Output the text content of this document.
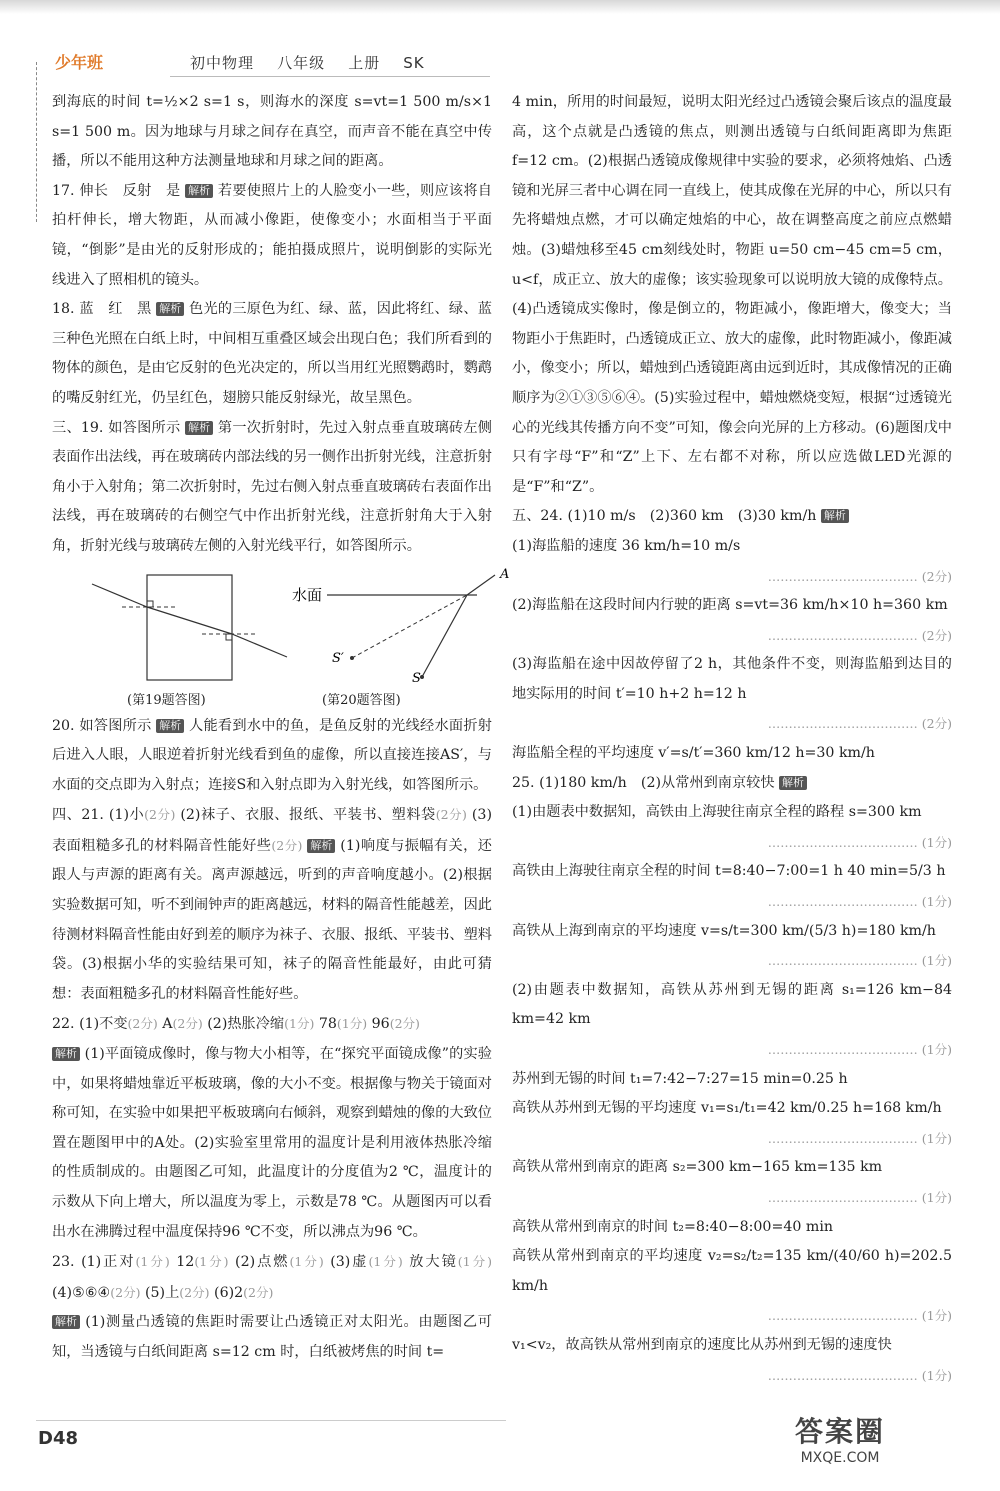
少年班	初中物理 八年级 上册 SK

到海底的时间 t=½×2 s=1 s，则海水的深度 s=vt=1 500 m/s×1 s=1 500 m。因为地球与月球之间存在真空，而声音不能在真空中传播，所以不能用这种方法测量地球和月球之间的距离。

17. 伸长　反射　是 解析 若要使照片上的人脸变小一些，则应该将自拍杆伸长，增大物距，从而减小像距，使像变小；水面相当于平面镜，“倒影”是由光的反射形成的；能拍摄成照片，说明倒影的实际光线进入了照相机的镜头。

18. 蓝　红　黑 解析 色光的三原色为红、绿、蓝，因此将红、绿、蓝三种色光照在白纸上时，中间相互重叠区域会出现白色；我们所看到的物体的颜色，是由它反射的色光决定的，所以当用红光照鹦鹉时，鹦鹉的嘴反射红光，仍呈红色，翅膀只能反射绿光，故呈黑色。

三、19. 如答图所示 解析 第一次折射时，先过入射点垂直玻璃砖左侧表面作出法线，再在玻璃砖内部法线的另一侧作出折射光线，注意折射角小于入射角；第二次折射时，先过右侧入射点垂直玻璃砖右表面作出法线，再在玻璃砖的右侧空气中作出折射光线，注意折射角大于入射角，折射光线与玻璃砖左侧的入射光线平行，如答图所示。

水面
S′
S
A
(第19题答图)	(第20题答图)

20. 如答图所示 解析 人能看到水中的鱼，是鱼反射的光线经水面折射后进入人眼，人眼逆着折射光线看到鱼的虚像，所以直接连接AS′，与水面的交点即为入射点；连接S和入射点即为入射光线，如答图所示。

四、21. (1)小(2分) (2)袜子、衣服、报纸、平装书、塑料袋(2分) (3)表面粗糙多孔的材料隔音性能好些(2分) 解析 (1)响度与振幅有关，还跟人与声源的距离有关。离声源越远，听到的声音响度越小。(2)根据实验数据可知，听不到闹钟声的距离越远，材料的隔音性能越差，因此待测材料隔音性能由好到差的顺序为袜子、衣服、报纸、平装书、塑料袋。(3)根据小华的实验结果可知，袜子的隔音性能最好，由此可猜想：表面粗糙多孔的材料隔音性能好些。

22. (1)不变(2分) A(2分) (2)热胀冷缩(1分) 78(1分) 96(2分)
解析 (1)平面镜成像时，像与物大小相等，在“探究平面镜成像”的实验中，如果将蜡烛靠近平板玻璃，像的大小不变。根据像与物关于镜面对称可知，在实验中如果把平板玻璃向右倾斜，观察到蜡烛的像的大致位置在题图甲中的A处。(2)实验室里常用的温度计是利用液体热胀冷缩的性质制成的。由题图乙可知，此温度计的分度值为2 ℃，温度计的示数从下向上增大，所以温度为零上，示数是78 ℃。从题图丙可以看出水在沸腾过程中温度保持96 ℃不变，所以沸点为96 ℃。

23. (1)正对(1分) 12(1分) (2)点燃(1分) (3)虚(1分) 放大镜(1分) (4)⑤⑥④(2分) (5)上(2分) (6)2(2分)
解析 (1)测量凸透镜的焦距时需要让凸透镜正对太阳光。由题图乙可知，当透镜与白纸间距离 s=12 cm 时，白纸被烤焦的时间 t=

4 min，所用的时间最短，说明太阳光经过凸透镜会聚后该点的温度最高，这个点就是凸透镜的焦点，则测出透镜与白纸间距离即为焦距 f=12 cm。(2)根据凸透镜成像规律中实验的要求，必须将烛焰、凸透镜和光屏三者中心调在同一直线上，使其成像在光屏的中心，所以只有先将蜡烛点燃，才可以确定烛焰的中心，故在调整高度之前应点燃蜡烛。(3)蜡烛移至45 cm刻线处时，物距 u=50 cm−45 cm=5 cm，u<f，成正立、放大的虚像；该实验现象可以说明放大镜的成像特点。(4)凸透镜成实像时，像是倒立的，物距减小，像距增大，像变大；当物距小于焦距时，凸透镜成正立、放大的虚像，此时物距减小，像距减小，像变小；所以，蜡烛到凸透镜距离由远到近时，其成像情况的正确顺序为②①③⑤⑥④。(5)实验过程中，蜡烛燃烧变短，根据“过透镜光心的光线其传播方向不变”可知，像会向光屏的上方移动。(6)题图戊中只有字母“F”和“Z”上下、左右都不对称，所以应选做LED光源的是“F”和“Z”。

五、24. (1)10 m/s　(2)360 km　(3)30 km/h 解析

(1)海监船的速度 36 km/h=10 m/s

……………………………… (2分)

(2)海监船在这段时间内行驶的距离 s=vt=36 km/h×10 h=360 km

……………………………… (2分)

(3)海监船在途中因故停留了2 h，其他条件不变，则海监船到达目的地实际用的时间 t′=10 h+2 h=12 h

……………………………… (2分)

海监船全程的平均速度 v′=s/t′=360 km/12 h=30 km/h

25. (1)180 km/h　(2)从常州到南京较快 解析

(1)由题表中数据知，高铁由上海驶往南京全程的路程 s=300 km

……………………………… (1分)

高铁由上海驶往南京全程的时间 t=8:40−7:00=1 h 40 min=5/3 h

……………………………… (1分)

高铁从上海到南京的平均速度 v=s/t=300 km/(5/3 h)=180 km/h

……………………………… (1分)

(2)由题表中数据知，高铁从苏州到无锡的距离 s₁=126 km−84 km=42 km

……………………………… (1分)

苏州到无锡的时间 t₁=7:42−7:27=15 min=0.25 h

高铁从苏州到无锡的平均速度 v₁=s₁/t₁=42 km/0.25 h=168 km/h

……………………………… (1分)

高铁从常州到南京的距离 s₂=300 km−165 km=135 km

……………………………… (1分)

高铁从常州到南京的时间 t₂=8:40−8:00=40 min

高铁从常州到南京的平均速度 v₂=s₂/t₂=135 km/(40/60 h)=202.5 km/h

……………………………… (1分)

v₁<v₂，故高铁从常州到南京的速度比从苏州到无锡的速度快

……………………………… (1分)
D48	答案圈
MXQE.COM
